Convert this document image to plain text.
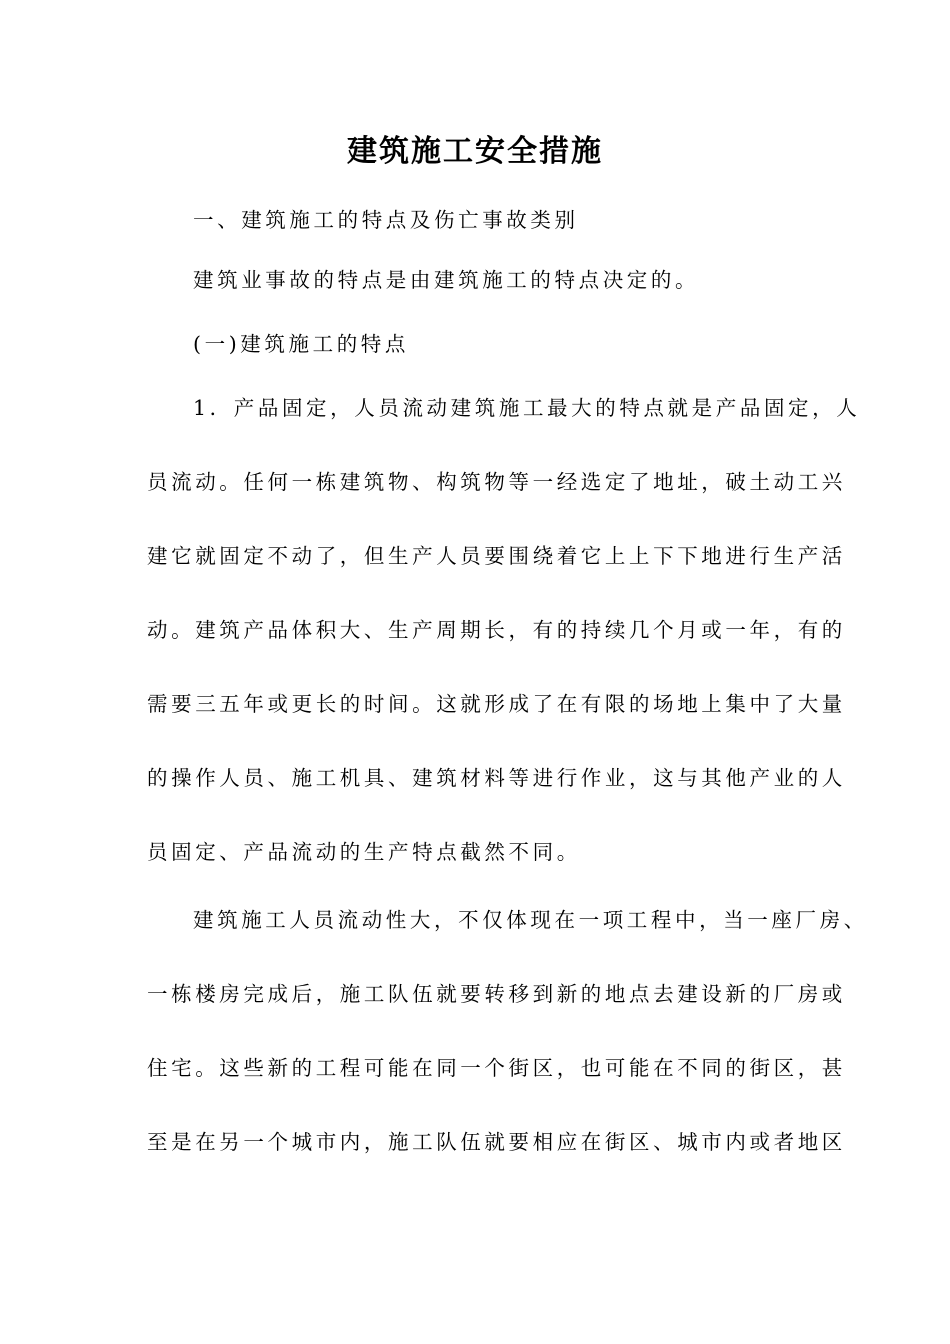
建筑施工安全措施
一、建筑施工的特点及伤亡事故类别
建筑业事故的特点是由建筑施工的特点决定的。
(一)建筑施工的特点
1．产品固定，人员流动建筑施工最大的特点就是产品固定，人
员流动。任何一栋建筑物、构筑物等一经选定了地址，破土动工兴
建它就固定不动了，但生产人员要围绕着它上上下下地进行生产活
动。建筑产品体积大、生产周期长，有的持续几个月或一年，有的
需要三五年或更长的时间。这就形成了在有限的场地上集中了大量
的操作人员、施工机具、建筑材料等进行作业，这与其他产业的人
员固定、产品流动的生产特点截然不同。
建筑施工人员流动性大，不仅体现在一项工程中，当一座厂房、
一栋楼房完成后，施工队伍就要转移到新的地点去建设新的厂房或
住宅。这些新的工程可能在同一个街区，也可能在不同的街区，甚
至是在另一个城市内，施工队伍就要相应在街区、城市内或者地区
